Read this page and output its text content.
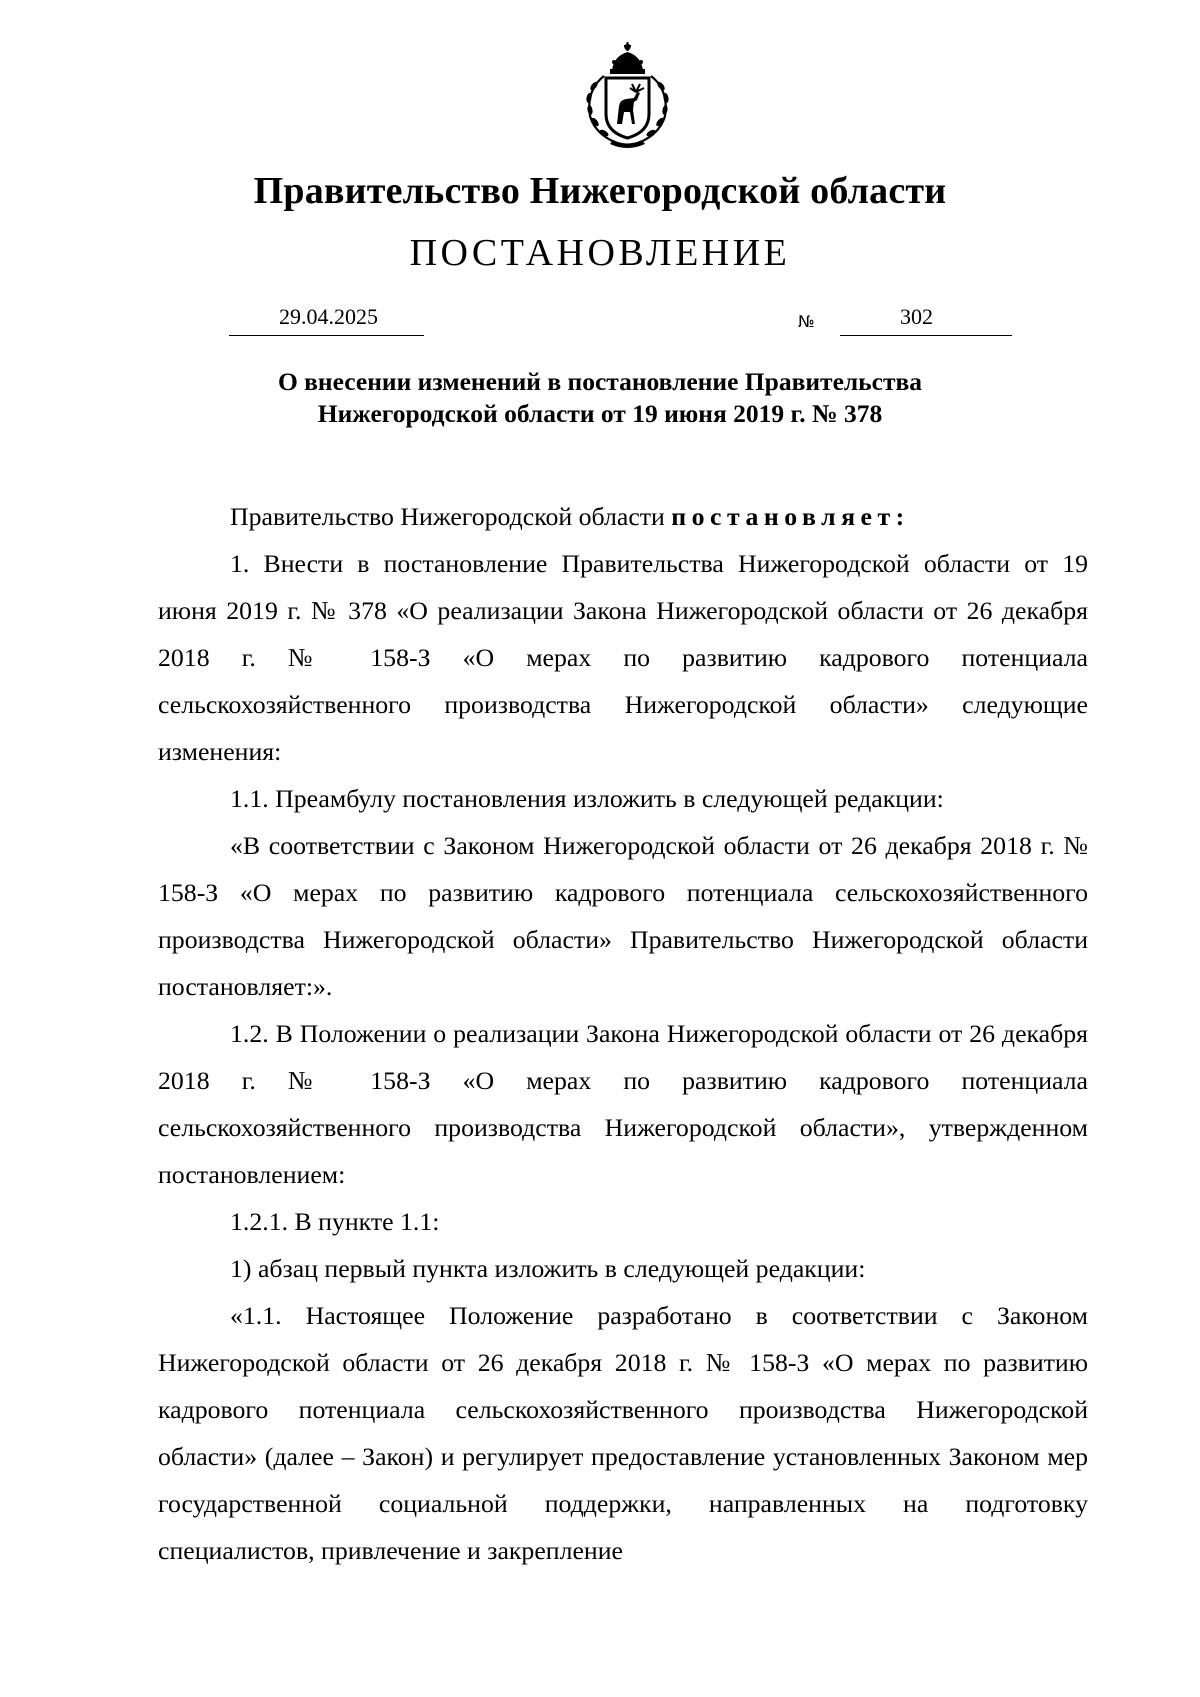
Правительство Нижегородской области
ПОСТАНОВЛЕНИЕ
29.04.2025	№	302
О внесении изменений в постановление Правительства
Нижегородской области от 19 июня 2019 г. № 378

Правительство Нижегородской области постановляет:

1. Внести в постановление Правительства Нижегородской области от 19 июня 2019 г. № 378 «О реализации Закона Нижегородской области от 26 декабря 2018 г. № 158-З «О мерах по развитию кадрового потенциала сельскохозяйственного производства Нижегородской области» следующие изменения:

1.1. Преамбулу постановления изложить в следующей редакции:

«В соответствии с Законом Нижегородской области от 26 декабря 2018 г. № 158-З «О мерах по развитию кадрового потенциала сельскохозяйственного производства Нижегородской области» Правительство Нижегородской области постановляет:».

1.2. В Положении о реализации Закона Нижегородской области от 26 декабря 2018 г. № 158-З «О мерах по развитию кадрового потенциала сельскохозяйственного производства Нижегородской области», утвержденном постановлением:

1.2.1. В пункте 1.1:

1) абзац первый пункта изложить в следующей редакции:

«1.1. Настоящее Положение разработано в соответствии с Законом Нижегородской области от 26 декабря 2018 г. № 158-З «О мерах по развитию кадрового потенциала сельскохозяйственного производства Нижегородской области» (далее – Закон) и регулирует предоставление установленных Законом мер государственной социальной поддержки, направленных на подготовку специалистов, привлечение и закрепление
